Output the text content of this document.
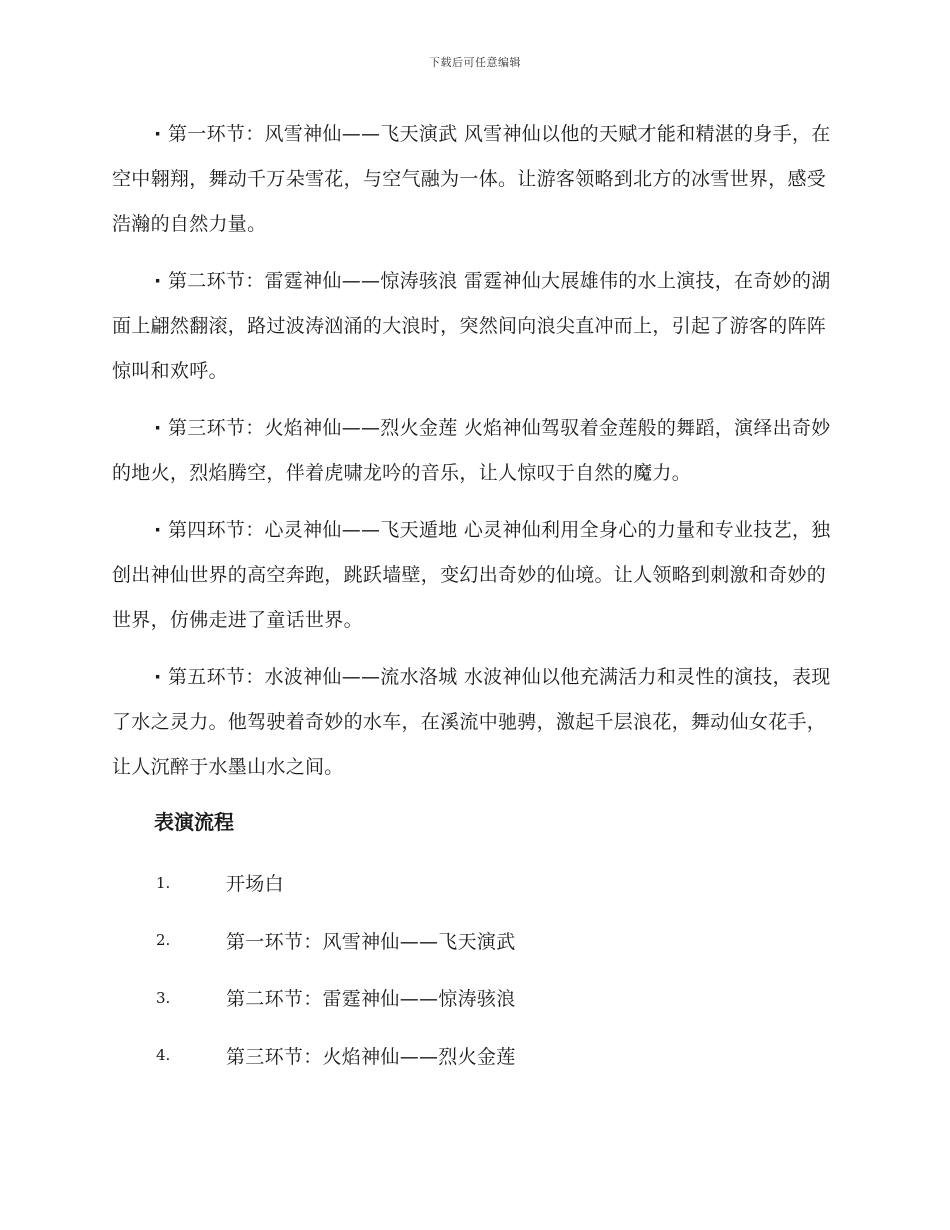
下载后可任意编辑

· 第一环节：风雪神仙——飞天演武 风雪神仙以他的天赋才能和精湛的身手，在空中翱翔，舞动千万朵雪花，与空气融为一体。让游客领略到北方的冰雪世界，感受浩瀚的自然力量。

· 第二环节：雷霆神仙——惊涛骇浪 雷霆神仙大展雄伟的水上演技，在奇妙的湖面上翩然翻滚，路过波涛汹涌的大浪时，突然间向浪尖直冲而上，引起了游客的阵阵惊叫和欢呼。

· 第三环节：火焰神仙——烈火金莲 火焰神仙驾驭着金莲般的舞蹈，演绎出奇妙的地火，烈焰腾空，伴着虎啸龙吟的音乐，让人惊叹于自然的魔力。

· 第四环节：心灵神仙——飞天遁地 心灵神仙利用全身心的力量和专业技艺，独创出神仙世界的高空奔跑，跳跃墙壁，变幻出奇妙的仙境。让人领略到刺激和奇妙的世界，仿佛走进了童话世界。

· 第五环节：水波神仙——流水洛城 水波神仙以他充满活力和灵性的演技，表现了水之灵力。他驾驶着奇妙的水车，在溪流中驰骋，激起千层浪花，舞动仙女花手，让人沉醉于水墨山水之间。

表演流程
1.	开场白
2.	第一环节：风雪神仙——飞天演武
3.	第二环节：雷霆神仙——惊涛骇浪
4.	第三环节：火焰神仙——烈火金莲
